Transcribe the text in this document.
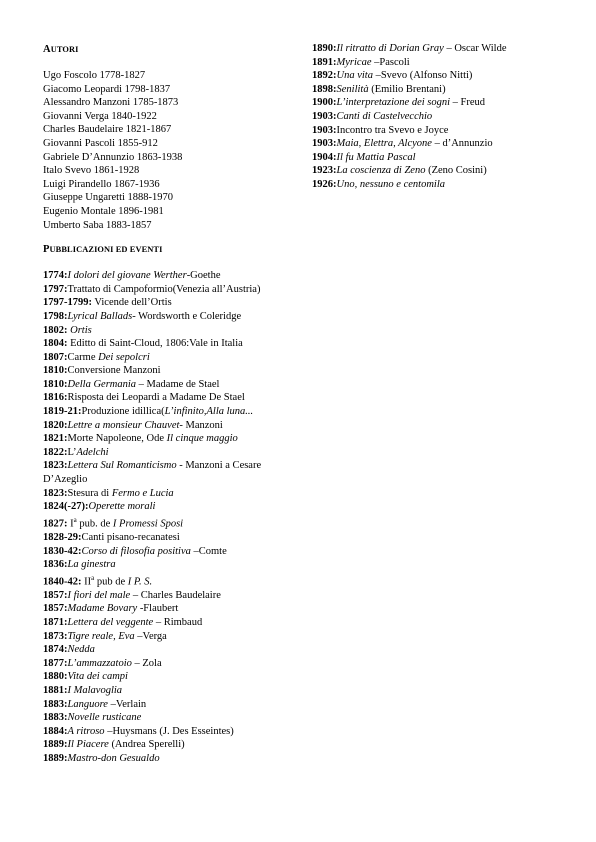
AUTORI

Ugo Foscolo 1778-1827
Giacomo Leopardi 1798-1837
Alessandro Manzoni 1785-1873
Giovanni Verga 1840-1922
Charles Baudelaire 1821-1867
Giovanni Pascoli 1855-912
Gabriele D’Annunzio 1863-1938
Italo Svevo 1861-1928
Luigi Pirandello 1867-1936
Giuseppe Ungaretti 1888-1970
Eugenio Montale 1896-1981
Umberto Saba 1883-1857

PUBBLICAZIONI ED EVENTI

1774:I dolori del giovane Werther-Goethe
1797:Trattato di Campoformio(Venezia all’Austria)
1797-1799: Vicende dell’Ortis
1798:Lyrical Ballads- Wordsworth e Coleridge
1802: Ortis
1804: Editto di Saint-Cloud, 1806:Vale in Italia
1807:Carme Dei sepolcri
1810:Conversione Manzoni
1810:Della Germania – Madame de Stael
1816:Risposta dei Leopardi a Madame De Stael
1819-21:Produzione idillica(L’infinito,Alla luna...
1820:Lettre a monsieur Chauvet- Manzoni
1821:Morte Napoleone, Ode Il cinque maggio
1822:L’Adelchi
1823:Lettera Sul Romanticismo - Manzoni a Cesare D’Azeglio
1823:Stesura di Fermo e Lucia
1824(-27):Operette morali
1827: $I^a$ pub. de I Promessi Sposi
1828-29:Canti pisano-recanatesi
1830-42:Corso di filosofia positiva –Comte
1836:La ginestra
1840-42: $II^a$ pub de I P. S.
1857:I fiori del male – Charles Baudelaire
1857:Madame Bovary -Flaubert
1871:Lettera del veggente – Rimbaud
1873:Tigre reale, Eva –Verga
1874:Nedda
1877:L’ammazzatoio – Zola
1880:Vita dei campi
1881:I Malavoglia
1883:Languore –Verlain
1883:Novelle rusticane
1884:A ritroso –Huysmans (J. Des Esseintes)
1889:Il Piacere (Andrea Sperelli)
1889:Mastro-don Gesualdo
1890:Il ritratto di Dorian Gray – Oscar Wilde
1891:Myricae –Pascoli
1892:Una vita –Svevo (Alfonso Nitti)
1898:Senilità (Emilio Brentani)
1900:L’interpretazione dei sogni – Freud
1903:Canti di Castelvecchio
1903:Incontro tra Svevo e Joyce
1903:Maia, Elettra, Alcyone – d’Annunzio
1904:Il fu Mattia Pascal
1923:La coscienza di Zeno (Zeno Cosini)
1926:Uno, nessuno e centomila
